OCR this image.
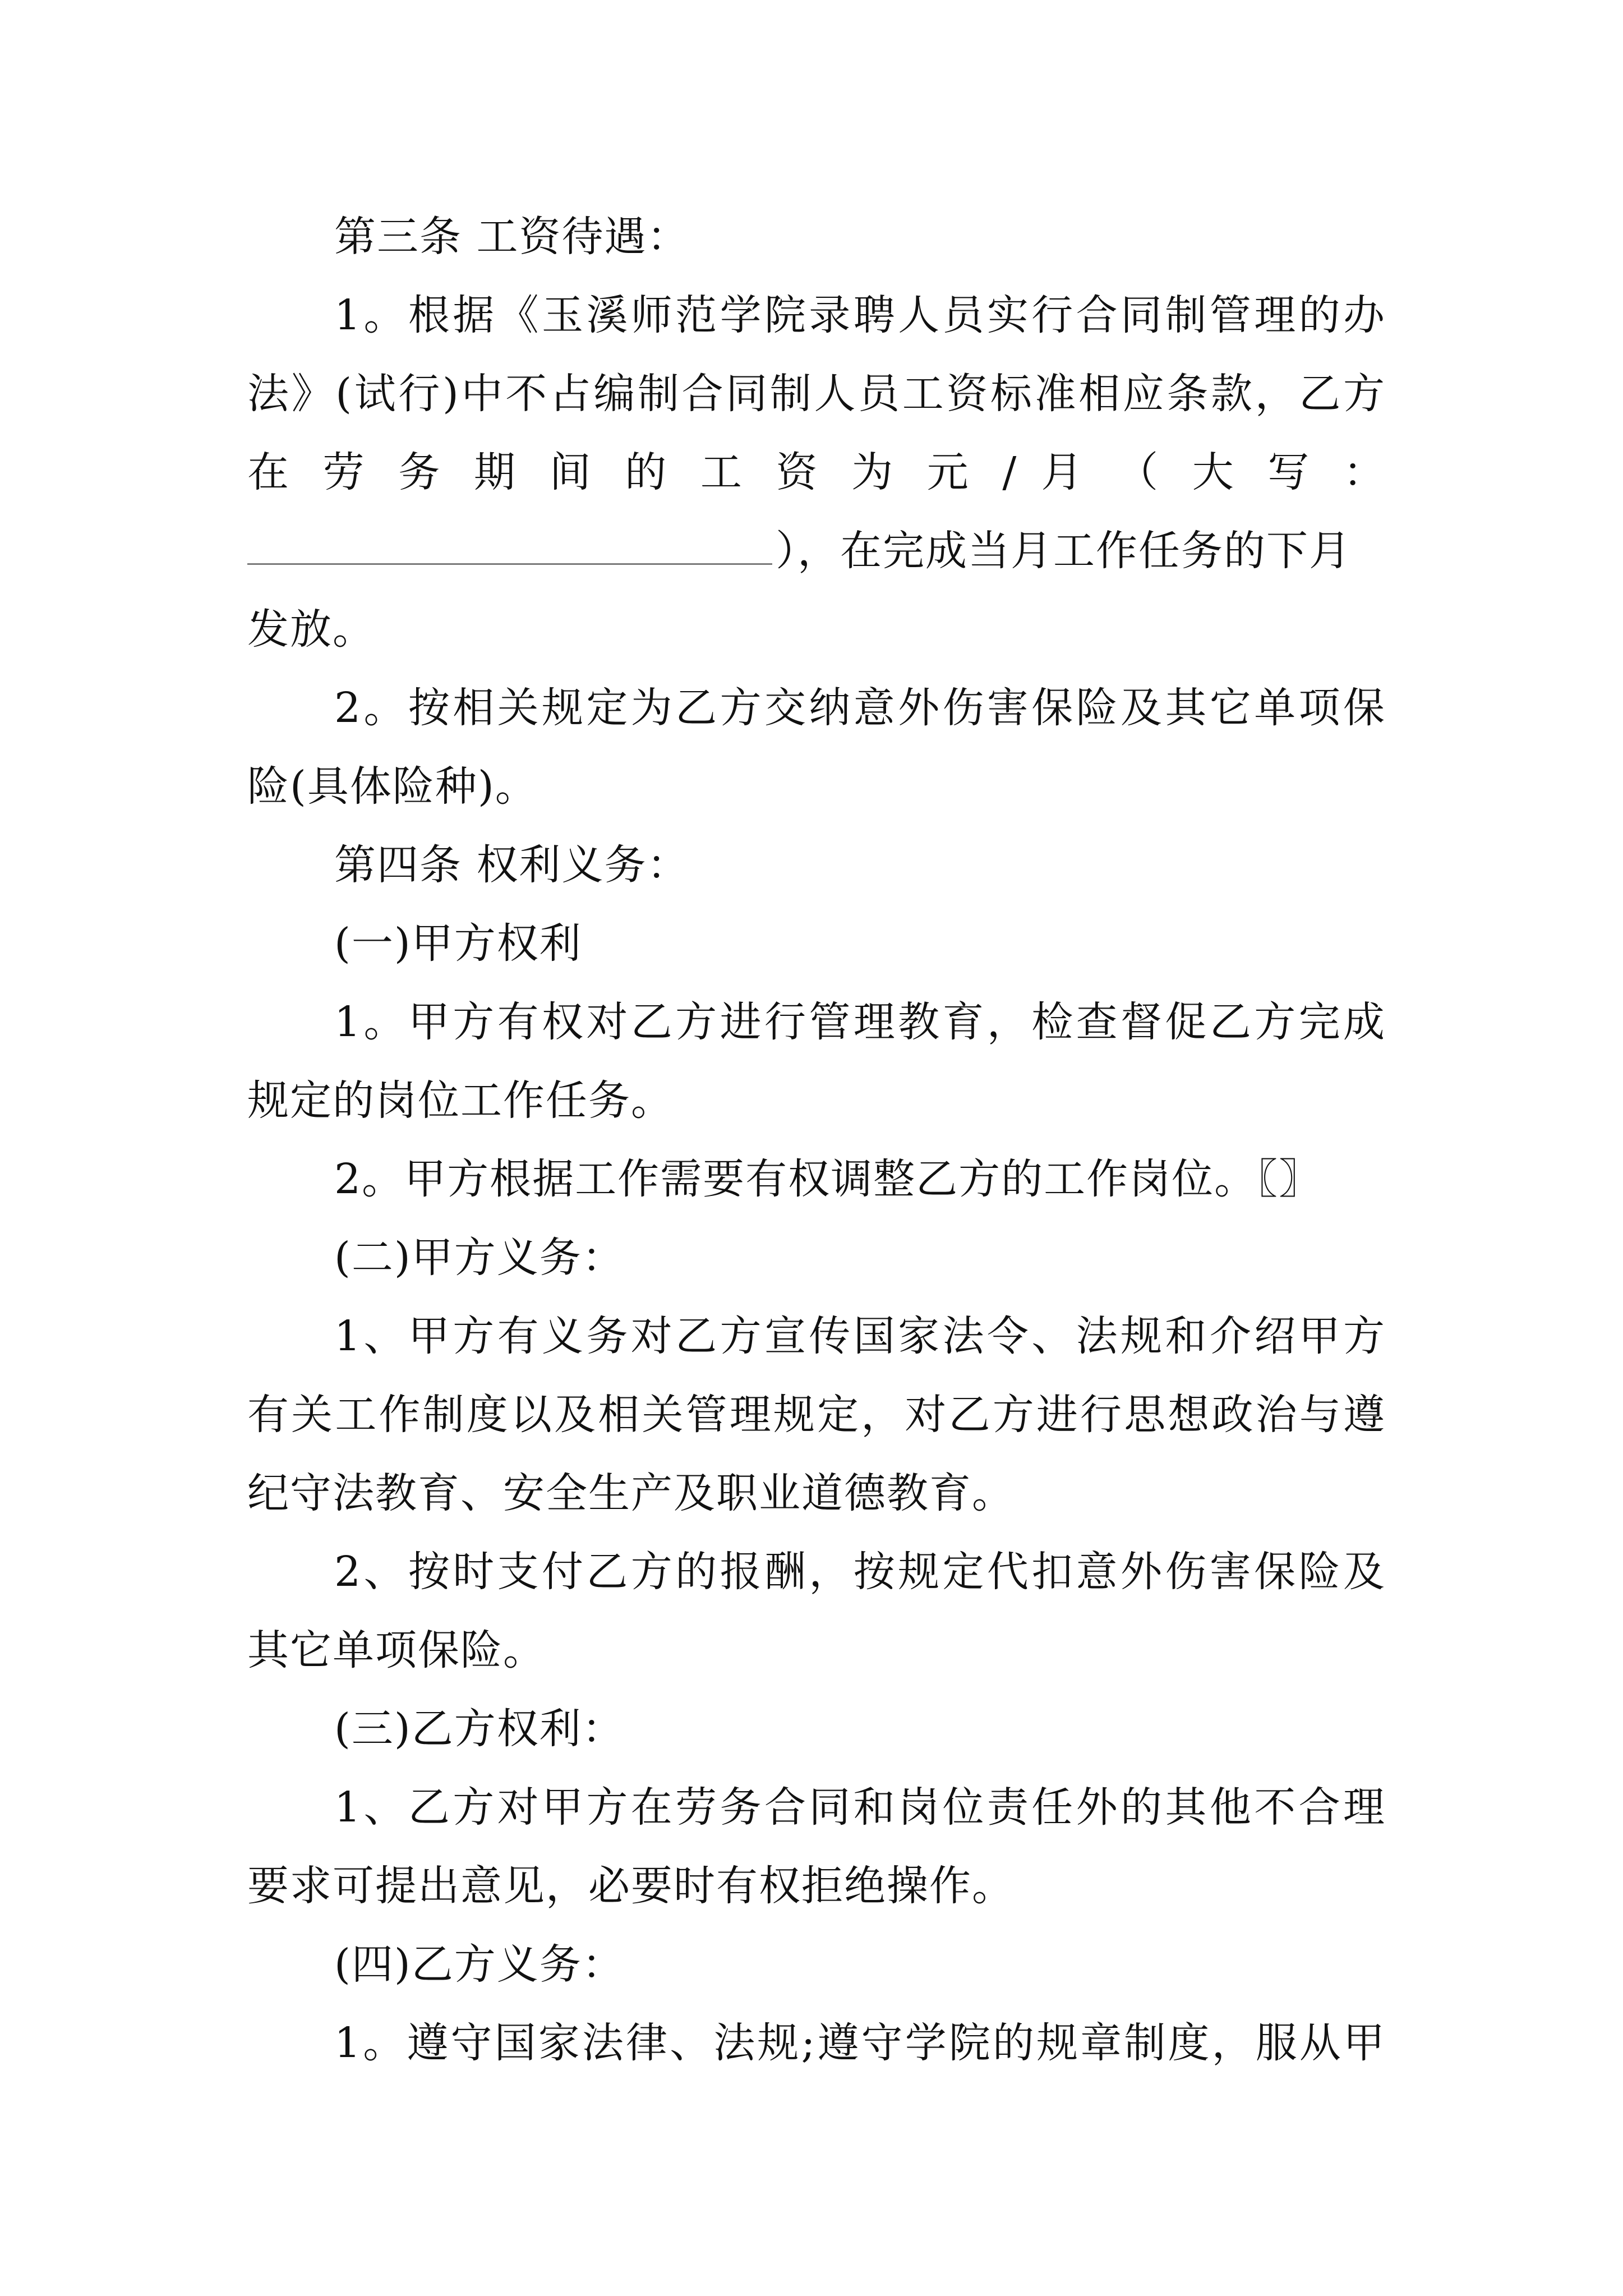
第三条 工资待遇：
1。根据《玉溪师范学院录聘人员实行合同制管理的办
法》(试行)中不占编制合同制人员工资标准相应条款，乙方
在 劳 务 期 间 的 工 资 为 元 / 月 （ 大 写 ：
），在完成当月工作任务的下月
发放。
2。按相关规定为乙方交纳意外伤害保险及其它单项保
险(具体险种)。
第四条 权利义务：
(一)甲方权利
1。甲方有权对乙方进行管理教育，检查督促乙方完成
规定的岗位工作任务。
2。甲方根据工作需要有权调整乙方的工作岗位。〖〗
(二)甲方义务：
1、甲方有义务对乙方宣传国家法令、法规和介绍甲方
有关工作制度以及相关管理规定，对乙方进行思想政治与遵
纪守法教育、安全生产及职业道德教育。
2、按时支付乙方的报酬，按规定代扣意外伤害保险及
其它单项保险。
(三)乙方权利：
1、乙方对甲方在劳务合同和岗位责任外的其他不合理
要求可提出意见，必要时有权拒绝操作。
(四)乙方义务：
1。遵守国家法律、法规;遵守学院的规章制度，服从甲
